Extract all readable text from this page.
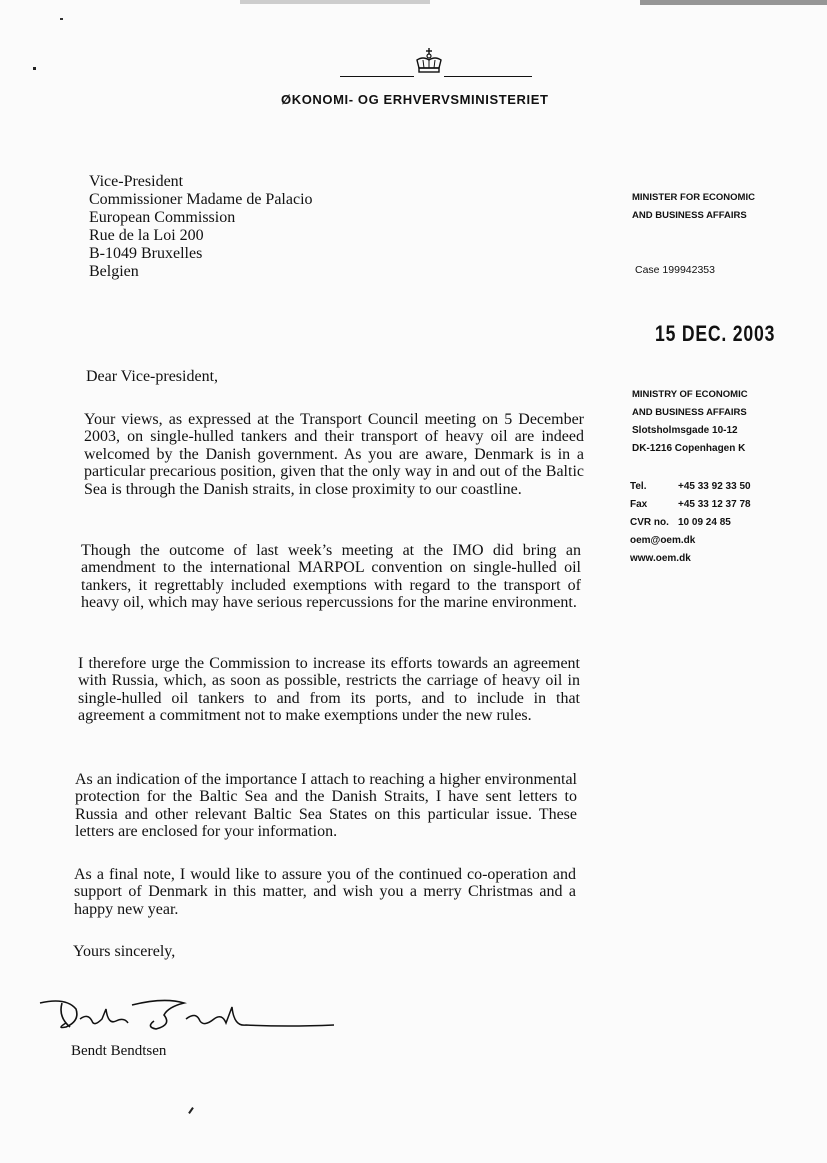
ØKONOMI- OG ERHVERVSMINISTERIET
Vice-President
Commissioner Madame de Palacio
European Commission
Rue de la Loi 200
B-1049 Bruxelles
Belgien
MINISTER FOR ECONOMIC
AND BUSINESS AFFAIRS
Case 199942353
15 DEC. 2003
MINISTRY OF ECONOMIC
AND BUSINESS AFFAIRS
Slotsholmsgade 10-12
DK-1216 Copenhagen K
Tel.	+45 33 92 33 50
Fax	+45 33 12 37 78
CVR no. 10 09 24 85
oem@oem.dk
www.oem.dk
Dear Vice-president,

Your views, as expressed at the Transport Council meeting on 5 December 2003, on single-hulled tankers and their transport of heavy oil are indeed welcomed by the Danish government. As you are aware, Denmark is in a particular precarious position, given that the only way in and out of the Baltic Sea is through the Danish straits, in close proximity to our coastline.

Though the outcome of last week’s meeting at the IMO did bring an amendment to the international MARPOL convention on single-hulled oil tankers, it regrettably included exemptions with regard to the transport of heavy oil, which may have serious repercussions for the marine environment.

I therefore urge the Commission to increase its efforts towards an agreement with Russia, which, as soon as possible, restricts the carriage of heavy oil in single-hulled oil tankers to and from its ports, and to include in that agreement a commitment not to make exemptions under the new rules.

As an indication of the importance I attach to reaching a higher environmental protection for the Baltic Sea and the Danish Straits, I have sent letters to Russia and other relevant Baltic Sea States on this particular issue. These letters are enclosed for your information.

As a final note, I would like to assure you of the continued co-operation and support of Denmark in this matter, and wish you a merry Christmas and a happy new year.

Yours sincerely,
Bendt Bendtsen
